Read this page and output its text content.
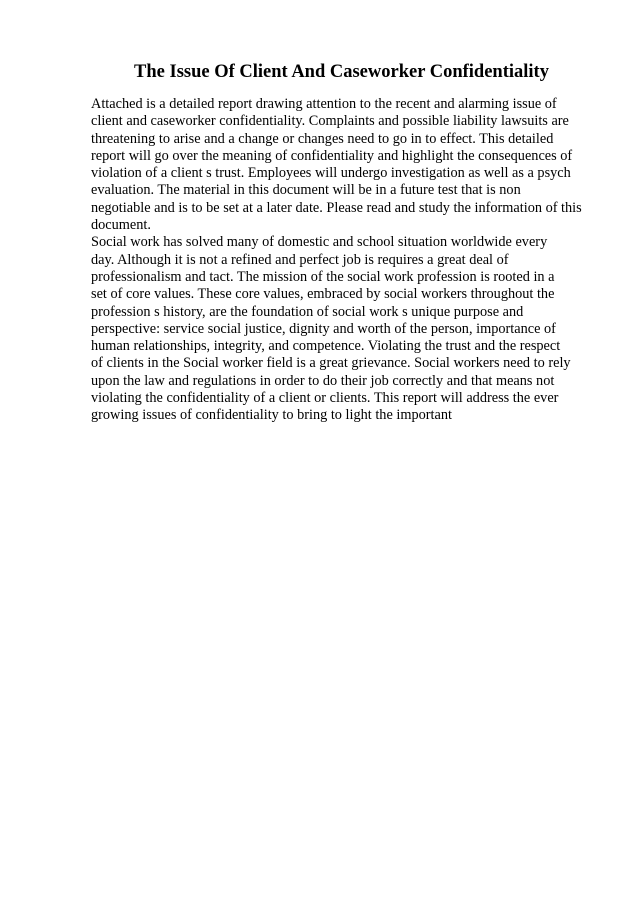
The Issue Of Client And Caseworker Confidentiality
Attached is a detailed report drawing attention to the recent and alarming issue of
client and caseworker confidentiality. Complaints and possible liability lawsuits are
threatening to arise and a change or changes need to go in to effect. This detailed
report will go over the meaning of confidentiality and highlight the consequences of
violation of a client s trust. Employees will undergo investigation as well as a psych
evaluation. The material in this document will be in a future test that is non
negotiable and is to be set at a later date. Please read and study the information of this
document.
Social work has solved many of domestic and school situation worldwide every
day. Although it is not a refined and perfect job is requires a great deal of
professionalism and tact. The mission of the social work profession is rooted in a
set of core values. These core values, embraced by social workers throughout the
profession s history, are the foundation of social work s unique purpose and
perspective: service social justice, dignity and worth of the person, importance of
human relationships, integrity, and competence. Violating the trust and the respect
of clients in the Social worker field is a great grievance. Social workers need to rely
upon the law and regulations in order to do their job correctly and that means not
violating the confidentiality of a client or clients. This report will address the ever
growing issues of confidentiality to bring to light the important
